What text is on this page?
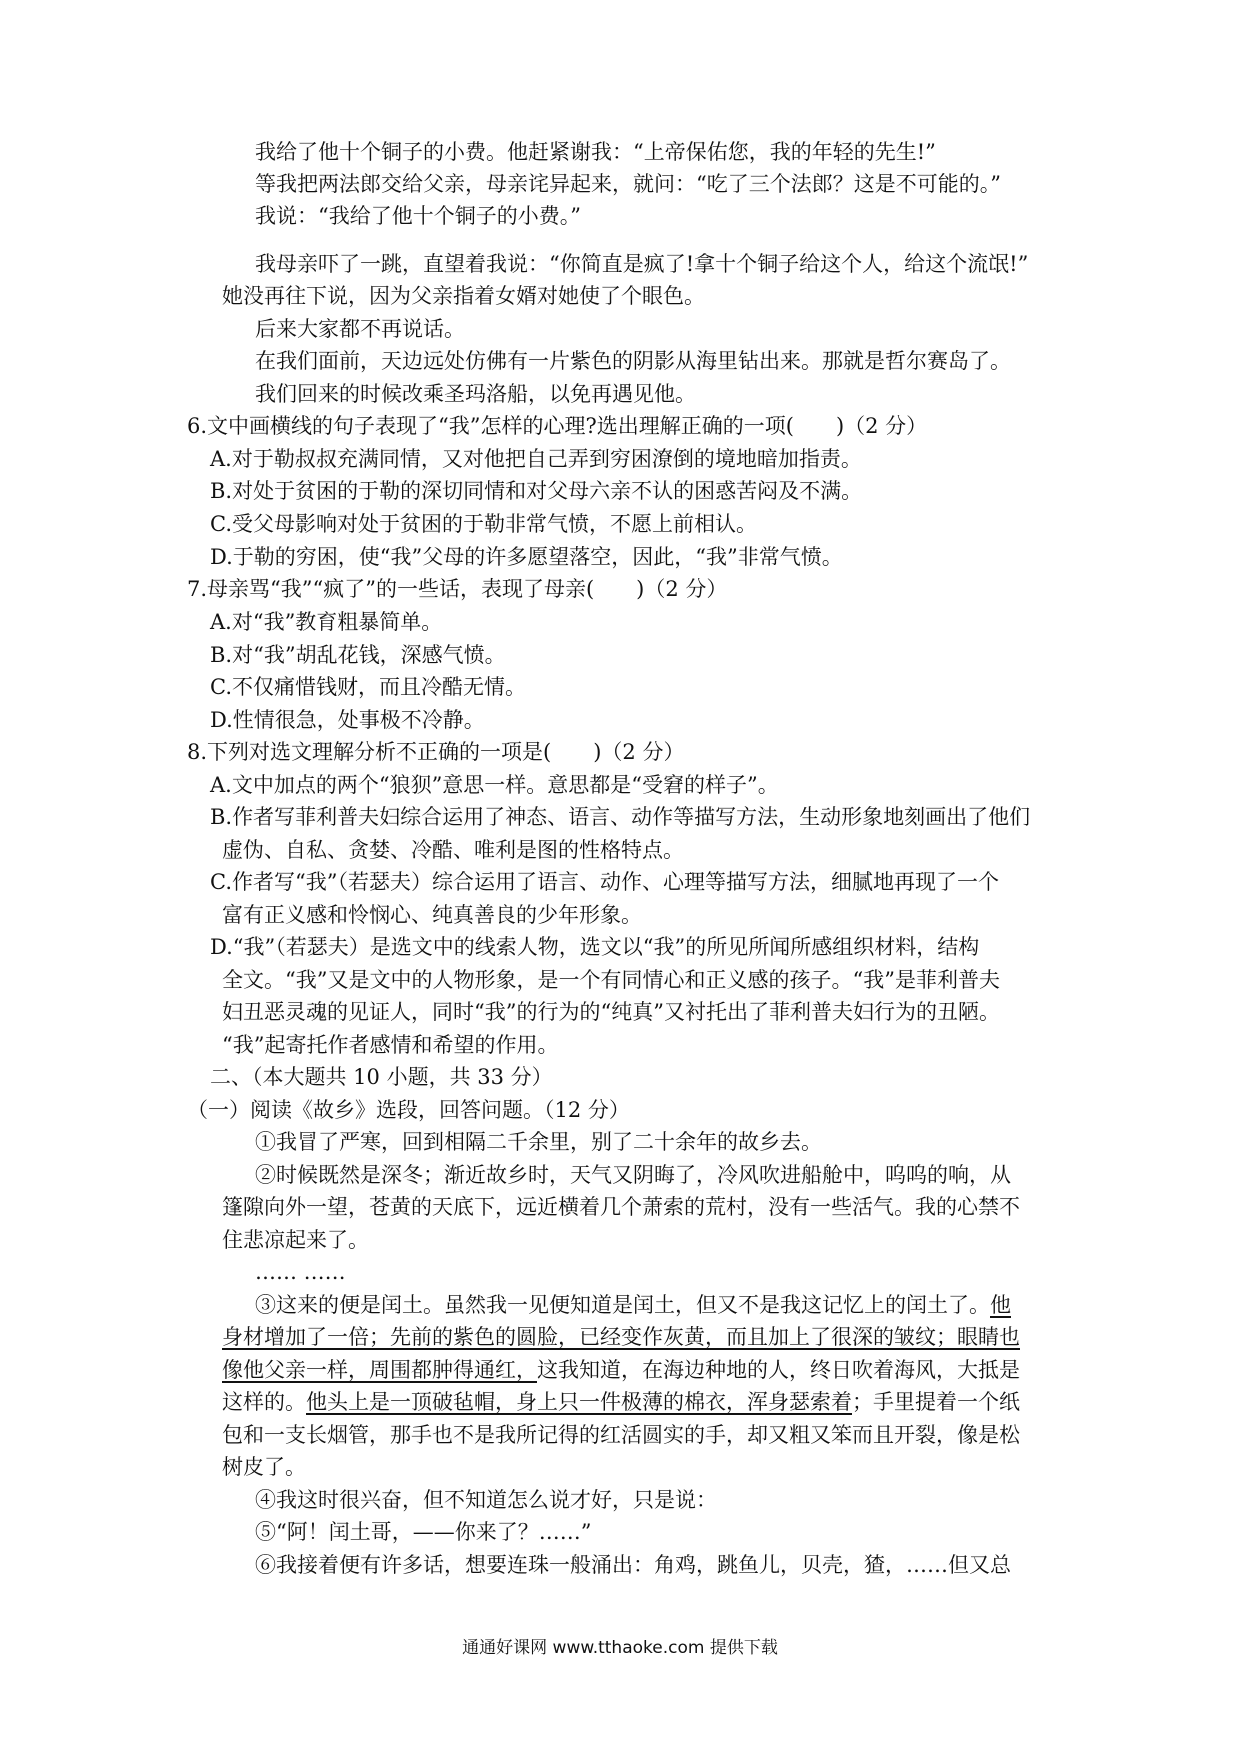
我给了他十个铜子的小费。他赶紧谢我：“上帝保佑您，我的年轻的先生!”
等我把两法郎交给父亲，母亲诧异起来，就问：“吃了三个法郎？这是不可能的。”
我说：“我给了他十个铜子的小费。”
我母亲吓了一跳，直望着我说：“你简直是疯了!拿十个铜子给这个人，给这个流氓!”
她没再往下说，因为父亲指着女婿对她使了个眼色。
后来大家都不再说话。
在我们面前，天边远处仿佛有一片紫色的阴影从海里钻出来。那就是哲尔赛岛了。
我们回来的时候改乘圣玛洛船，以免再遇见他。
6.文中画横线的句子表现了“我”怎样的心理?选出理解正确的一项(　　)（2 分）
A.对于勒叔叔充满同情，又对他把自己弄到穷困潦倒的境地暗加指责。
B.对处于贫困的于勒的深切同情和对父母六亲不认的困惑苦闷及不满。
C.受父母影响对处于贫困的于勒非常气愤，不愿上前相认。
D.于勒的穷困，使“我”父母的许多愿望落空，因此，“我”非常气愤。
7.母亲骂“我”“疯了”的一些话，表现了母亲(　　)（2 分）
A.对“我”教育粗暴简单。
B.对“我”胡乱花钱，深感气愤。
C.不仅痛惜钱财，而且冷酷无情。
D.性情很急，处事极不冷静。
8.下列对选文理解分析不正确的一项是(　　)（2 分）
A.文中加点的两个“狼狈”意思一样。意思都是“受窘的样子”。
B.作者写菲利普夫妇综合运用了神态、语言、动作等描写方法，生动形象地刻画出了他们
虚伪、自私、贪婪、冷酷、唯利是图的性格特点。
C.作者写“我”（若瑟夫）综合运用了语言、动作、心理等描写方法，细腻地再现了一个
富有正义感和怜悯心、纯真善良的少年形象。
D.“我”（若瑟夫）是选文中的线索人物，选文以“我”的所见所闻所感组织材料，结构
全文。“我”又是文中的人物形象，是一个有同情心和正义感的孩子。“我”是菲利普夫
妇丑恶灵魂的见证人，同时“我”的行为的“纯真”又衬托出了菲利普夫妇行为的丑陋。
“我”起寄托作者感情和希望的作用。
二、（本大题共 10 小题，共 33 分）
（一）阅读《故乡》选段，回答问题。（12 分）
①我冒了严寒，回到相隔二千余里，别了二十余年的故乡去。
②时候既然是深冬；渐近故乡时，天气又阴晦了，冷风吹进船舱中，呜呜的响，从
篷隙向外一望，苍黄的天底下，远近横着几个萧索的荒村，没有一些活气。我的心禁不
住悲凉起来了。
…… ……
③这来的便是闰土。虽然我一见便知道是闰土，但又不是我这记忆上的闰土了。他
身材增加了一倍；先前的紫色的圆脸，已经变作灰黄，而且加上了很深的皱纹；眼睛也
像他父亲一样，周围都肿得通红，这我知道，在海边种地的人，终日吹着海风，大抵是
这样的。他头上是一顶破毡帽，身上只一件极薄的棉衣，浑身瑟索着；手里提着一个纸
包和一支长烟管，那手也不是我所记得的红活圆实的手，却又粗又笨而且开裂，像是松
树皮了。
④我这时很兴奋，但不知道怎么说才好，只是说：
⑤“阿！闰土哥，——你来了？……”
⑥我接着便有许多话，想要连珠一般涌出：角鸡，跳鱼儿，贝壳，猹，……但又总
通通好课网 www.tthaoke.com 提供下载
